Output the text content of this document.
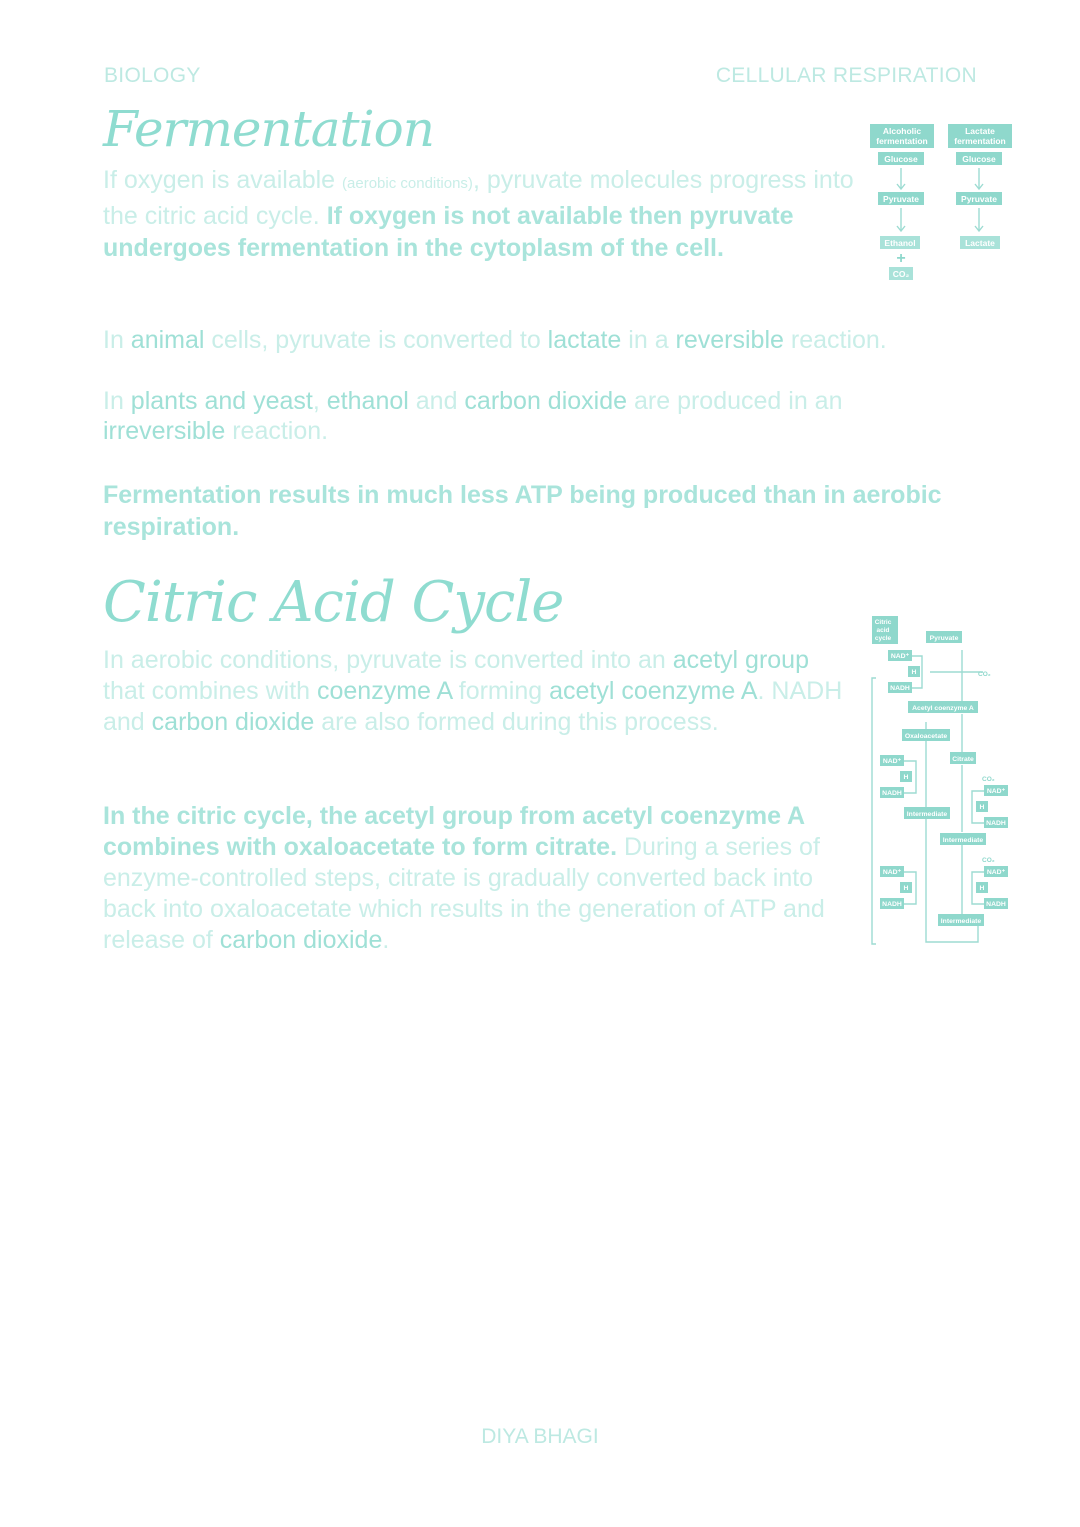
BIOLOGY	CELLULAR RESPIRATION
Fermentation

If oxygen is available (aerobic conditions), pyruvate molecules progress into the citric acid cycle. If oxygen is not available then pyruvate undergoes fermentation in the cytoplasm of the cell.

In animal cells, pyruvate is converted to lactate in a reversible reaction.

In plants and yeast, ethanol and carbon dioxide are produced in an irreversible reaction.

Fermentation results in much less ATP being produced than in aerobic respiration.

Alcoholic
fermentation
Lactate
fermentation
Glucose	Glucose
Pyruvate	Pyruvate
Ethanol	Lactate
+
CO₂
Citric Acid Cycle

In aerobic conditions, pyruvate is converted into an acetyl group that combines with coenzyme A forming acetyl coenzyme A. NADH and carbon dioxide are also formed during this process.

In the citric cycle, the acetyl group from acetyl coenzyme A combines with oxaloacetate to form citrate. During a series of enzyme-controlled steps, citrate is gradually converted back into back into oxaloacetate which results in the generation of ATP and release of carbon dioxide.

Citric
acid
cycle	Pyruvate
NAD⁺
H
NADH
CO₂
Acetyl coenzyme A
Oxaloacetate
Citrate
NAD⁺
H
NADH
CO₂
NAD⁺
H
NADH
Intermediate
Intermediate
NAD⁺
H
NADH
CO₂
NAD⁺
H
NADH
Intermediate
DIYA BHAGI
